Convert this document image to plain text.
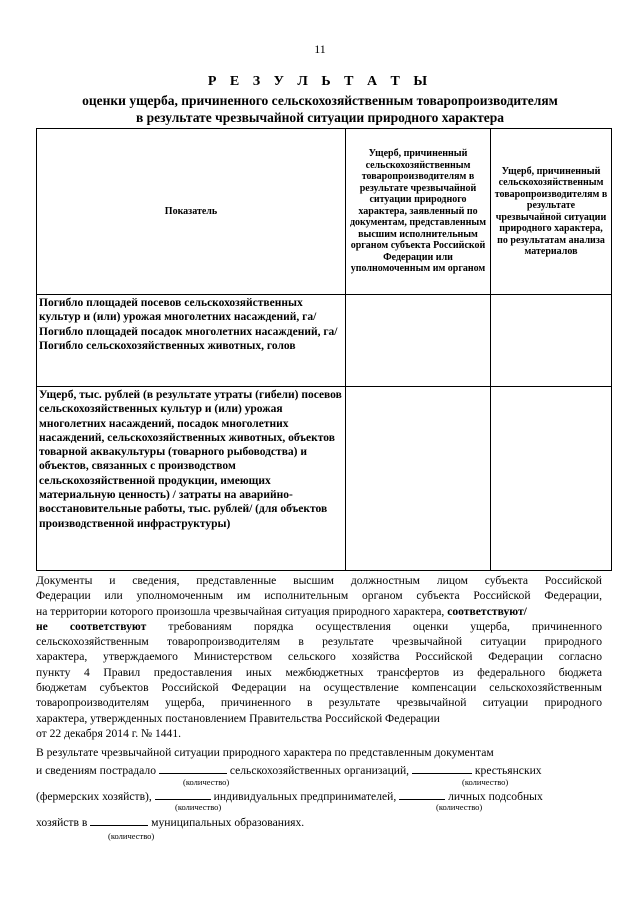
11
Р Е З У Л Ь Т А Т Ы
оценки ущерба, причиненного сельскохозяйственным товаропроизводителям
в результате чрезвычайной ситуации природного характера
Показатель	Ущерб, причиненный сельскохозяйственным товаропроизводителям в результате чрезвычайной ситуации природного характера, заявленный по документам, представленным высшим исполнительным органом субъекта Российской Федерации или уполномоченным им органом	Ущерб, причиненный сельскохозяйственным товаропроизводителям в результате чрезвычайной ситуации природного характера, по результатам анализа материалов

Погибло площадей посевов сельскохозяйственных культур и (или) урожая многолетних насаждений, га/ Погибло площадей посадок многолетних насаждений, га/ Погибло сельскохозяйственных животных, голов		

Ущерб, тыс. рублей (в результате утраты (гибели) посевов сельскохозяйственных культур и (или) урожая многолетних насаждений, посадок многолетних насаждений, сельскохозяйственных животных, объектов товарной аквакультуры (товарного рыбоводства) и объектов, связанных с производством сельскохозяйственной продукции, имеющих материальную ценность) / затраты на аварийно-восстановительные работы, тыс. рублей/ (для объектов производственной инфраструктуры)		

Документы и сведения, представленные высшим должностным лицом субъекта Российской
Федерации или уполномоченным им исполнительным органом субъекта Российской Федерации,
на территории которого произошла чрезвычайная ситуация природного характера, соответствуют/
не соответствуют требованиям порядка осуществления оценки ущерба, причиненного
сельскохозяйственным товаропроизводителям в результате чрезвычайной ситуации природного
характера, утверждаемого Министерством сельского хозяйства Российской Федерации согласно
пункту 4 Правил предоставления иных межбюджетных трансфертов из федерального бюджета
бюджетам субъектов Российской Федерации на осуществление компенсации сельскохозяйственным
товаропроизводителям ущерба, причиненного в результате чрезвычайной ситуации природного
характера, утвержденных постановлением Правительства Российской Федерации
от 22 декабря 2014 г. № 1441.
В результате чрезвычайной ситуации природного характера по представленным документам
и сведениям пострадало	сельскохозяйственных организаций,	крестьянских
(фермерских хозяйств),	индивидуальных предпринимателей,	личных подсобных
хозяйств в	муниципальных образованиях.
(количество)	(количество)
(количество)	(количество)
(количество)
